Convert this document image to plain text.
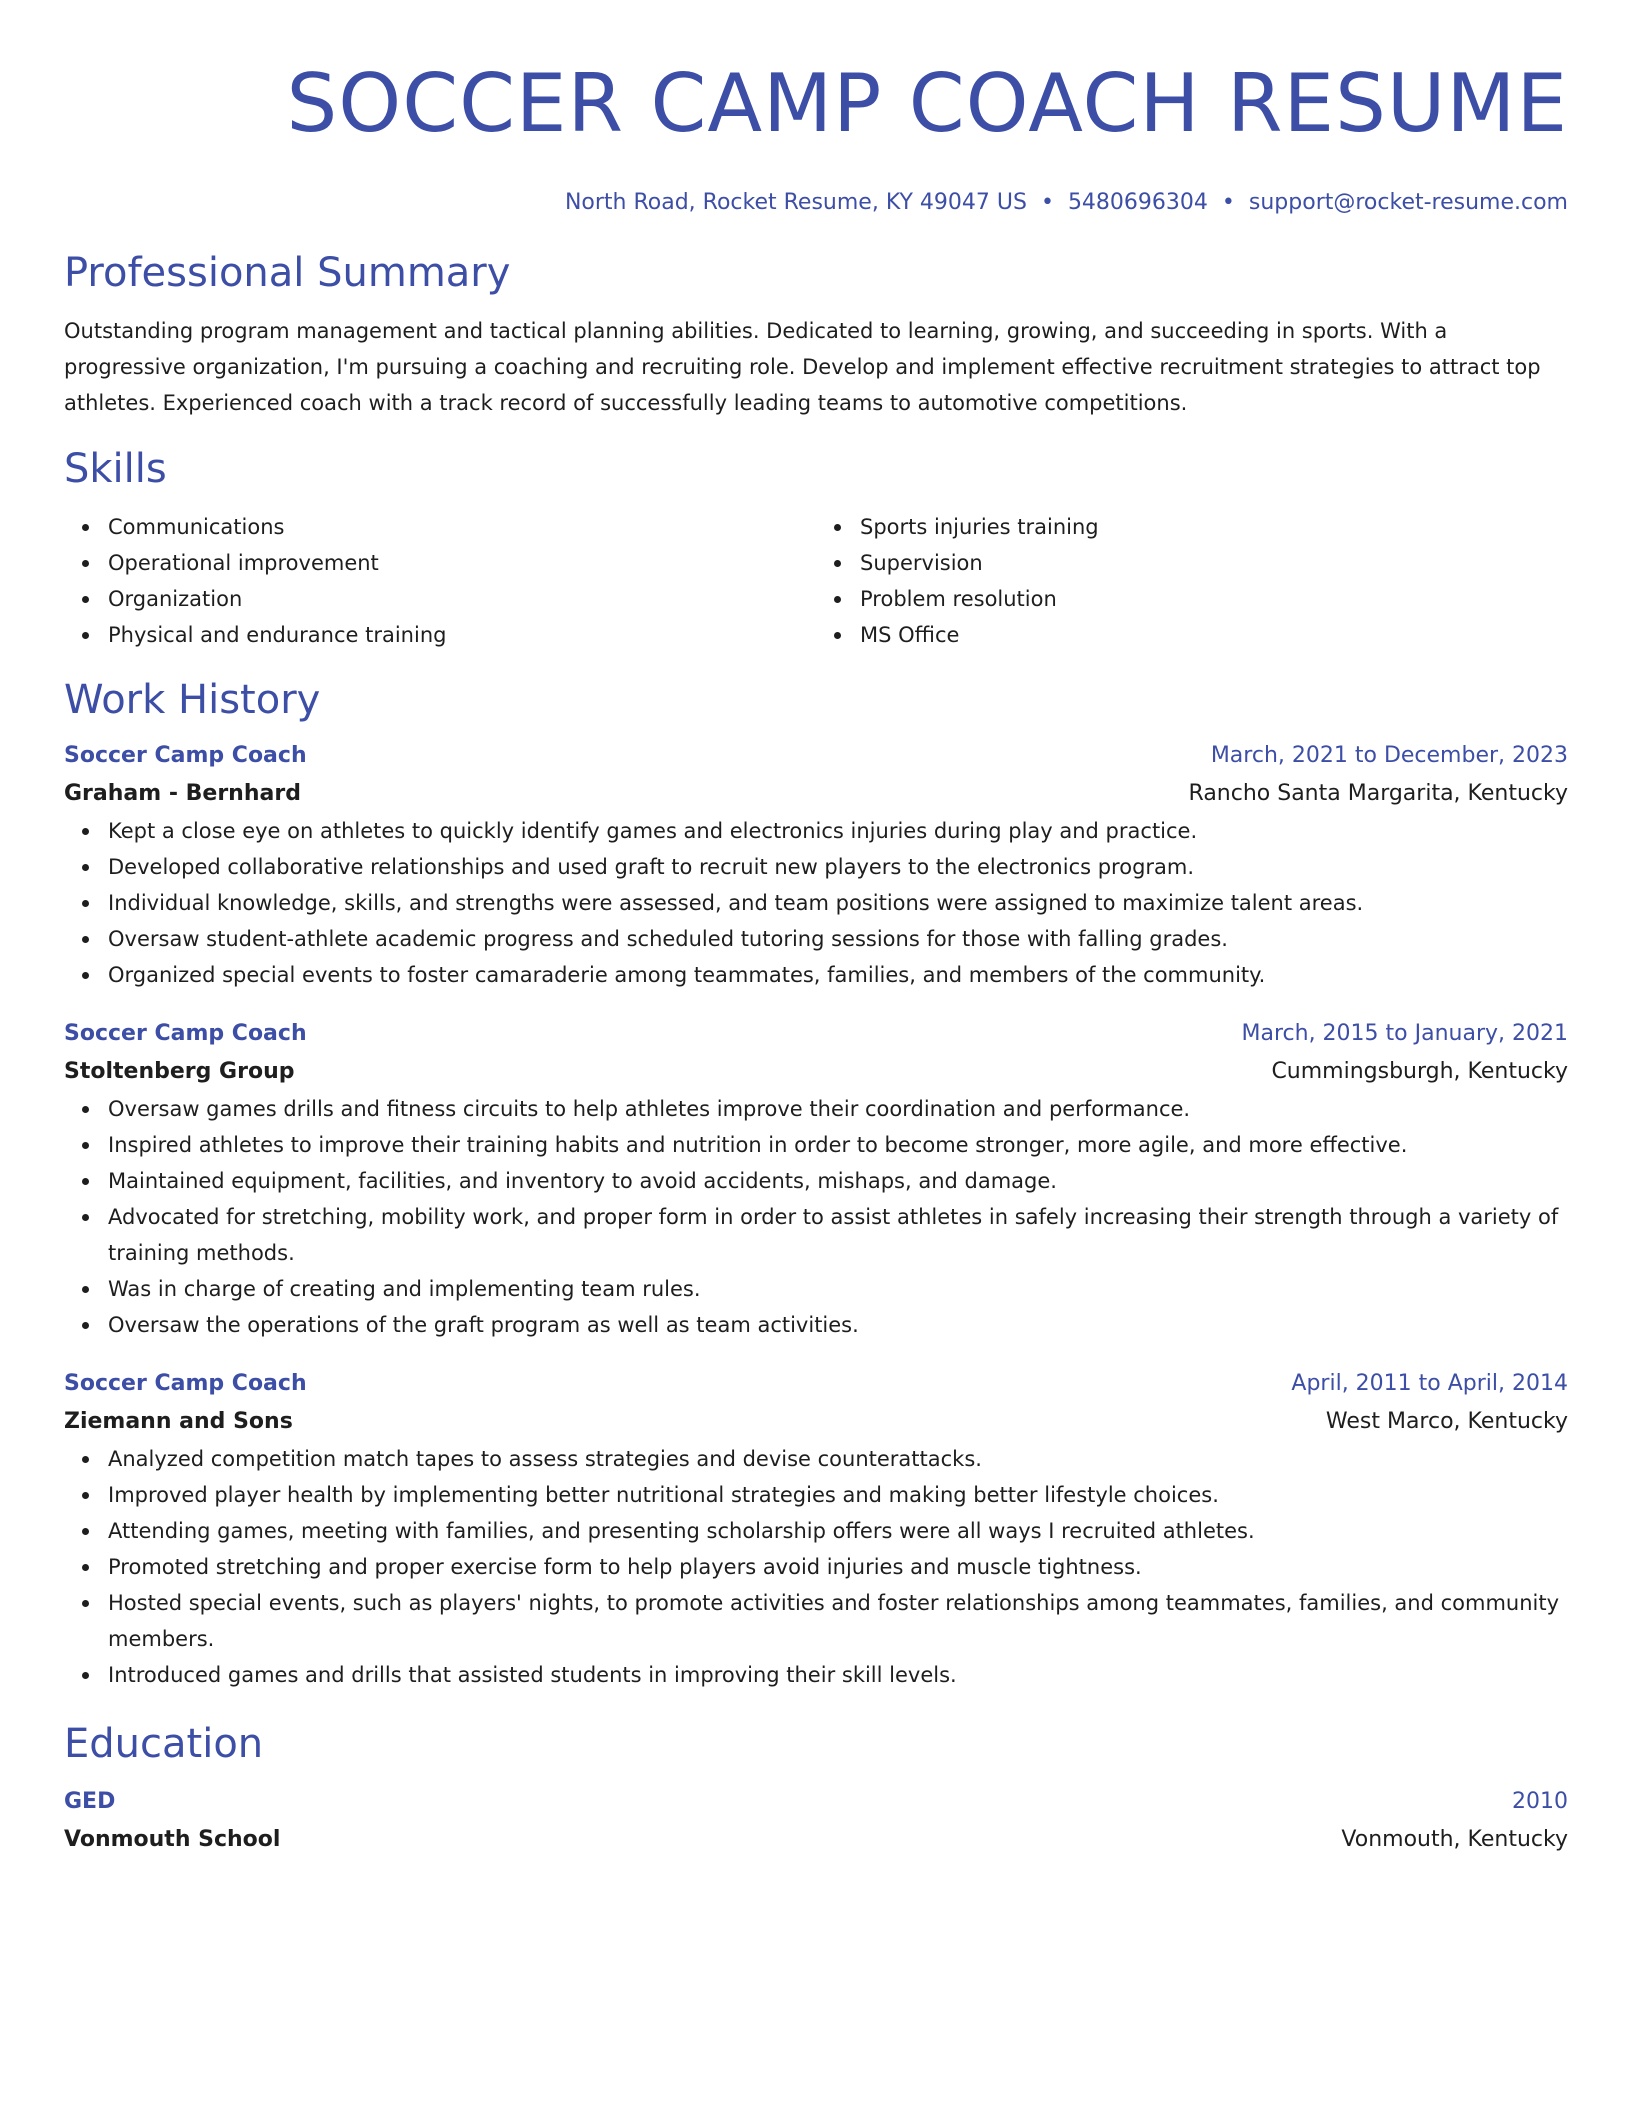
SOCCER CAMP COACH RESUME
North Road, Rocket Resume, KY 49047 US • 5480696304 • support@rocket-resume.com
Professional Summary

Outstanding program management and tactical planning abilities. Dedicated to learning, growing, and succeeding in sports. With a progressive organization, I'm pursuing a coaching and recruiting role. Develop and implement effective recruitment strategies to attract top athletes. Experienced coach with a track record of successfully leading teams to automotive competitions.

Skills
Communications
Operational improvement
Organization
Physical and endurance training
Sports injuries training
Supervision
Problem resolution
MS Office
Work History
Soccer Camp Coach	March, 2021 to December, 2023
Graham - Bernhard	Rancho Santa Margarita, Kentucky
Kept a close eye on athletes to quickly identify games and electronics injuries during play and practice.
Developed collaborative relationships and used graft to recruit new players to the electronics program.
Individual knowledge, skills, and strengths were assessed, and team positions were assigned to maximize talent areas.
Oversaw student-athlete academic progress and scheduled tutoring sessions for those with falling grades.
Organized special events to foster camaraderie among teammates, families, and members of the community.
Soccer Camp Coach	March, 2015 to January, 2021
Stoltenberg Group	Cummingsburgh, Kentucky
Oversaw games drills and fitness circuits to help athletes improve their coordination and performance.
Inspired athletes to improve their training habits and nutrition in order to become stronger, more agile, and more effective.
Maintained equipment, facilities, and inventory to avoid accidents, mishaps, and damage.
Advocated for stretching, mobility work, and proper form in order to assist athletes in safely increasing their strength through a variety of training methods.
Was in charge of creating and implementing team rules.
Oversaw the operations of the graft program as well as team activities.
Soccer Camp Coach	April, 2011 to April, 2014
Ziemann and Sons	West Marco, Kentucky
Analyzed competition match tapes to assess strategies and devise counterattacks.
Improved player health by implementing better nutritional strategies and making better lifestyle choices.
Attending games, meeting with families, and presenting scholarship offers were all ways I recruited athletes.
Promoted stretching and proper exercise form to help players avoid injuries and muscle tightness.
Hosted special events, such as players' nights, to promote activities and foster relationships among teammates, families, and community members.
Introduced games and drills that assisted students in improving their skill levels.
Education
GED	2010
Vonmouth School	Vonmouth, Kentucky
